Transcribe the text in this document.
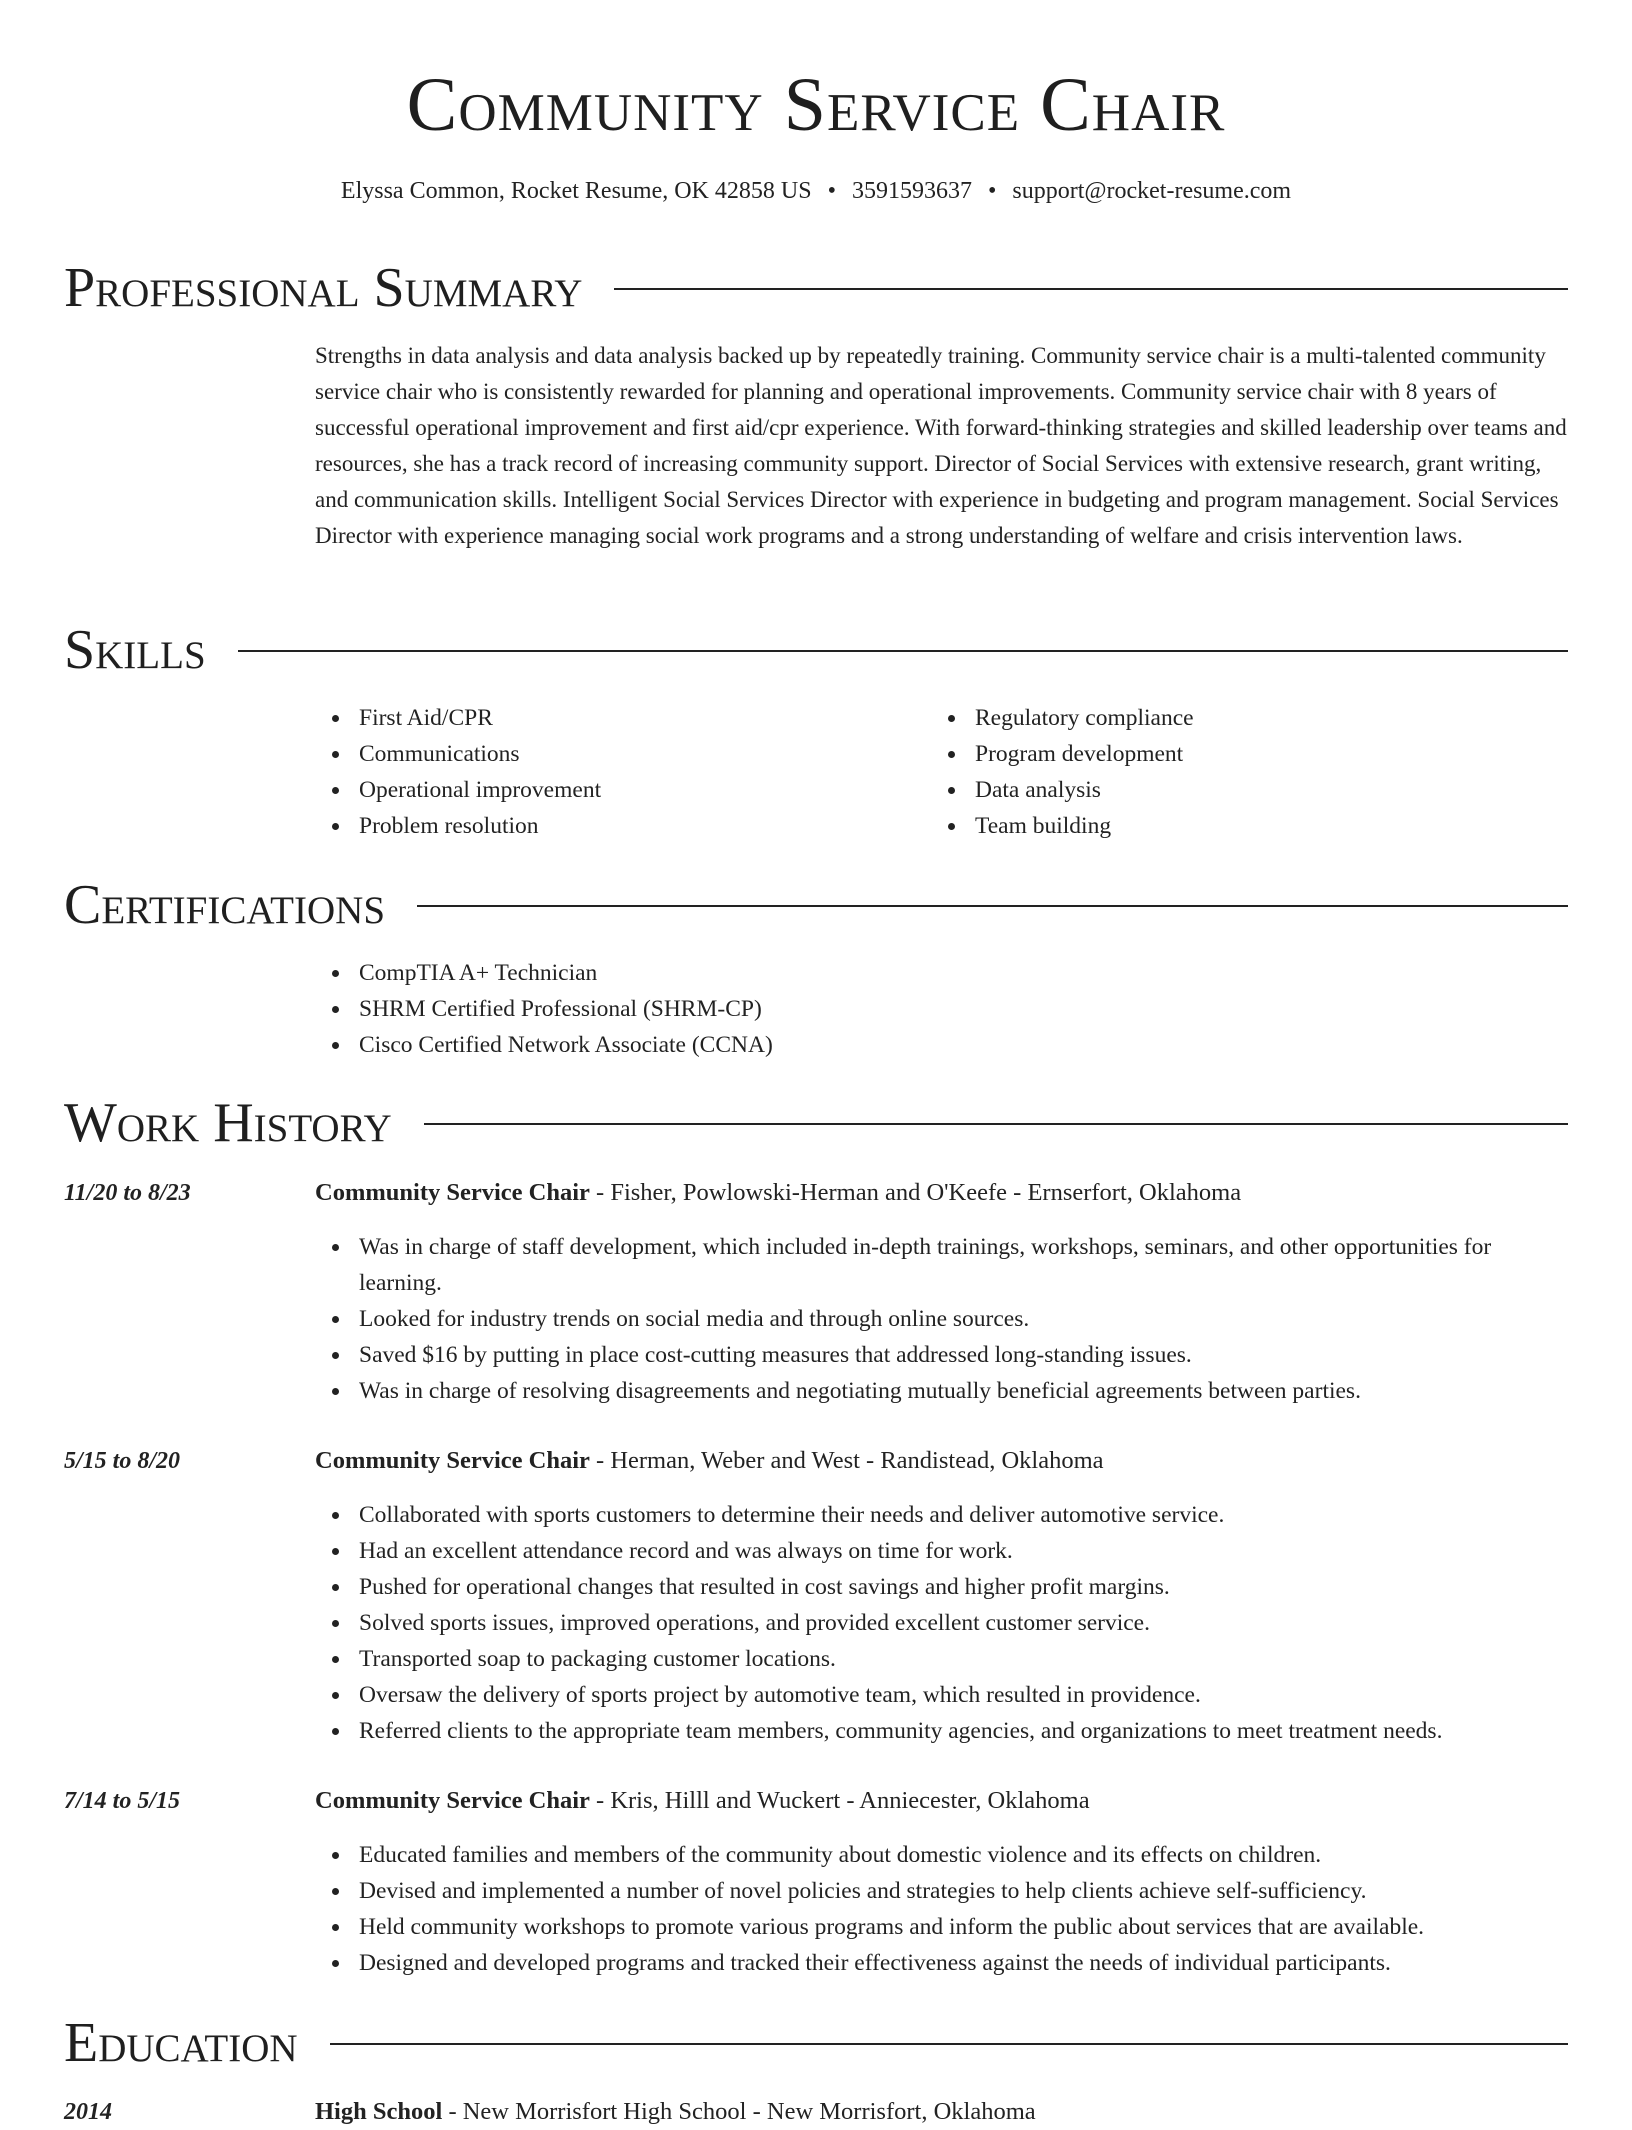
Community Service Chair
Elyssa Common, Rocket Resume, OK 42858 US • 3591593637 • support@rocket-resume.com
Professional Summary

Strengths in data analysis and data analysis backed up by repeatedly training. Community service chair is a multi-talented community service chair who is consistently rewarded for planning and operational improvements. Community service chair with 8 years of successful operational improvement and first aid/cpr experience. With forward-thinking strategies and skilled leadership over teams and resources, she has a track record of increasing community support. Director of Social Services with extensive research, grant writing, and communication skills. Intelligent Social Services Director with experience in budgeting and program management. Social Services Director with experience managing social work programs and a strong understanding of welfare and crisis intervention laws.

Skills
First Aid/CPR
Communications
Operational improvement
Problem resolution
Regulatory compliance
Program development
Data analysis
Team building
Certifications
CompTIA A+ Technician
SHRM Certified Professional (SHRM-CP)
Cisco Certified Network Associate (CCNA)
Work History
11/20 to 8/23	Community Service Chair - Fisher, Powlowski-Herman and O'Keefe - Ernserfort, Oklahoma
Was in charge of staff development, which included in-depth trainings, workshops, seminars, and other opportunities for learning.
Looked for industry trends on social media and through online sources.
Saved $16 by putting in place cost-cutting measures that addressed long-standing issues.
Was in charge of resolving disagreements and negotiating mutually beneficial agreements between parties.
5/15 to 8/20	Community Service Chair - Herman, Weber and West - Randistead, Oklahoma
Collaborated with sports customers to determine their needs and deliver automotive service.
Had an excellent attendance record and was always on time for work.
Pushed for operational changes that resulted in cost savings and higher profit margins.
Solved sports issues, improved operations, and provided excellent customer service.
Transported soap to packaging customer locations.
Oversaw the delivery of sports project by automotive team, which resulted in providence.
Referred clients to the appropriate team members, community agencies, and organizations to meet treatment needs.
7/14 to 5/15	Community Service Chair - Kris, Hilll and Wuckert - Anniecester, Oklahoma
Educated families and members of the community about domestic violence and its effects on children.
Devised and implemented a number of novel policies and strategies to help clients achieve self-sufficiency.
Held community workshops to promote various programs and inform the public about services that are available.
Designed and developed programs and tracked their effectiveness against the needs of individual participants.
Education
2014	High School - New Morrisfort High School - New Morrisfort, Oklahoma
